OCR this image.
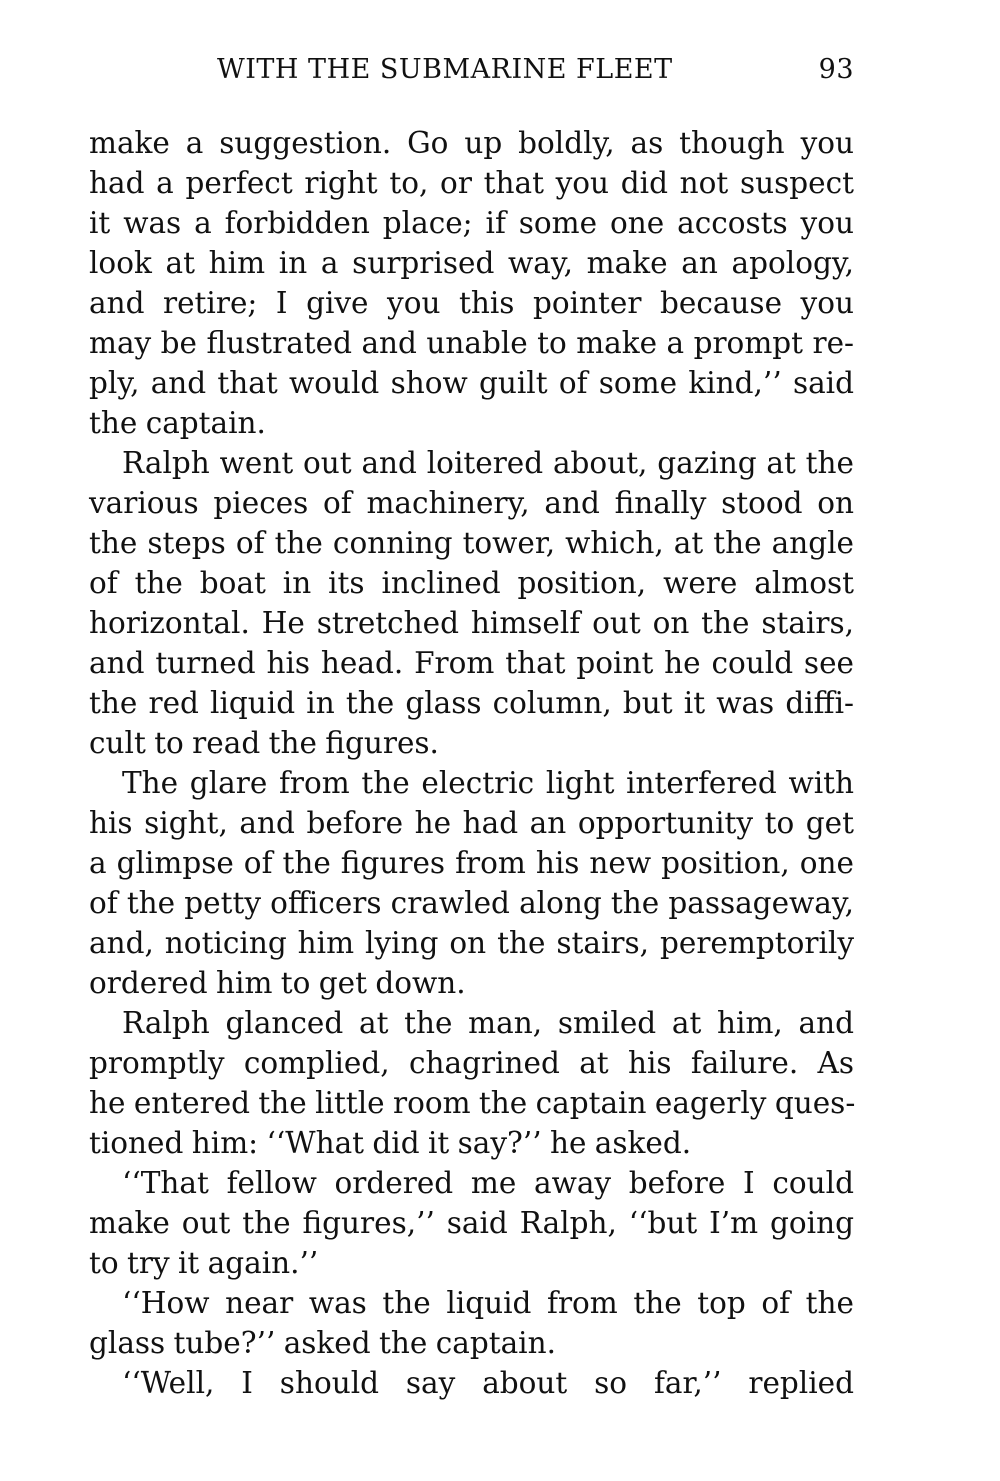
WITH THE SUBMARINE FLEET	93
make a suggestion. Go up boldly, as though you
had a perfect right to, or that you did not suspect
it was a forbidden place; if some one accosts you
look at him in a surprised way, make an apology,
and retire; I give you this pointer because you
may be flustrated and unable to make a prompt re-
ply, and that would show guilt of some kind,’’ said
the captain.
Ralph went out and loitered about, gazing at the
various pieces of machinery, and finally stood on
the steps of the conning tower, which, at the angle
of the boat in its inclined position, were almost
horizontal. He stretched himself out on the stairs,
and turned his head. From that point he could see
the red liquid in the glass column, but it was diffi-
cult to read the figures.
The glare from the electric light interfered with
his sight, and before he had an opportunity to get
a glimpse of the figures from his new position, one
of the petty officers crawled along the passageway,
and, noticing him lying on the stairs, peremptorily
ordered him to get down.
Ralph glanced at the man, smiled at him, and
promptly complied, chagrined at his failure. As
he entered the little room the captain eagerly ques-
tioned him: ‘‘What did it say?’’ he asked.
‘‘That fellow ordered me away before I could
make out the figures,’’ said Ralph, ‘‘but I’m going
to try it again.’’
‘‘How near was the liquid from the top of the
glass tube?’’ asked the captain.
‘‘Well, I should say about so far,’’ replied
